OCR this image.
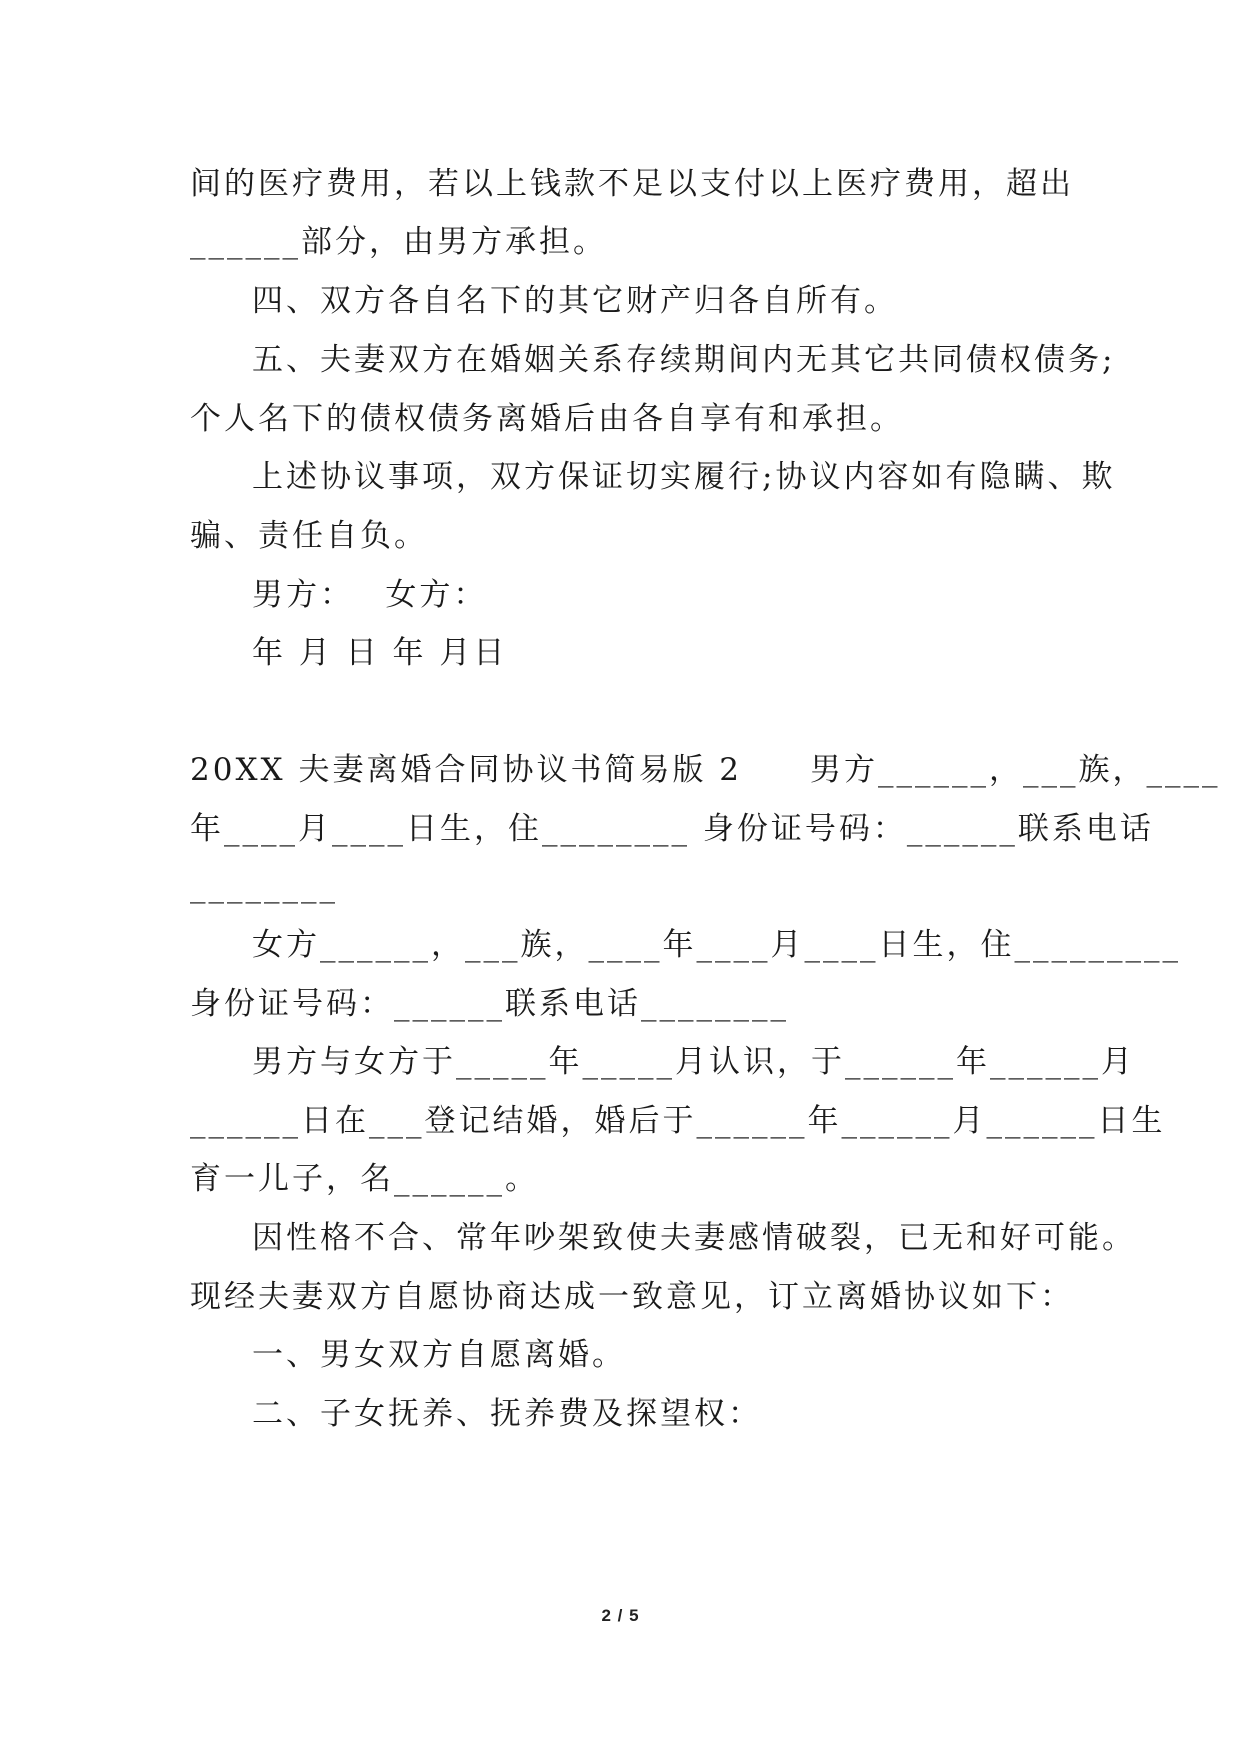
间的医疗费用，若以上钱款不足以支付以上医疗费用，超出
______部分，由男方承担。
四、双方各自名下的其它财产归各自所有。
五、夫妻双方在婚姻关系存续期间内无其它共同债权债务;
个人名下的债权债务离婚后由各自享有和承担。
上述协议事项，双方保证切实履行;协议内容如有隐瞒、欺
骗、责任自负。
男方：　 女方：
年 月 日 年 月日
20XX 夫妻离婚合同协议书简易版 2　　男方______，___族，____
年____月____日生，住________ 身份证号码：______联系电话
________
女方______，___族，____年____月____日生，住_________
身份证号码：______联系电话________
男方与女方于_____年_____月认识，于______年______月
______日在___登记结婚，婚后于______年______月______日生
育一儿子，名______。
因性格不合、常年吵架致使夫妻感情破裂，已无和好可能。
现经夫妻双方自愿协商达成一致意见，订立离婚协议如下：
一、男女双方自愿离婚。
二、子女抚养、抚养费及探望权：
2 / 5
